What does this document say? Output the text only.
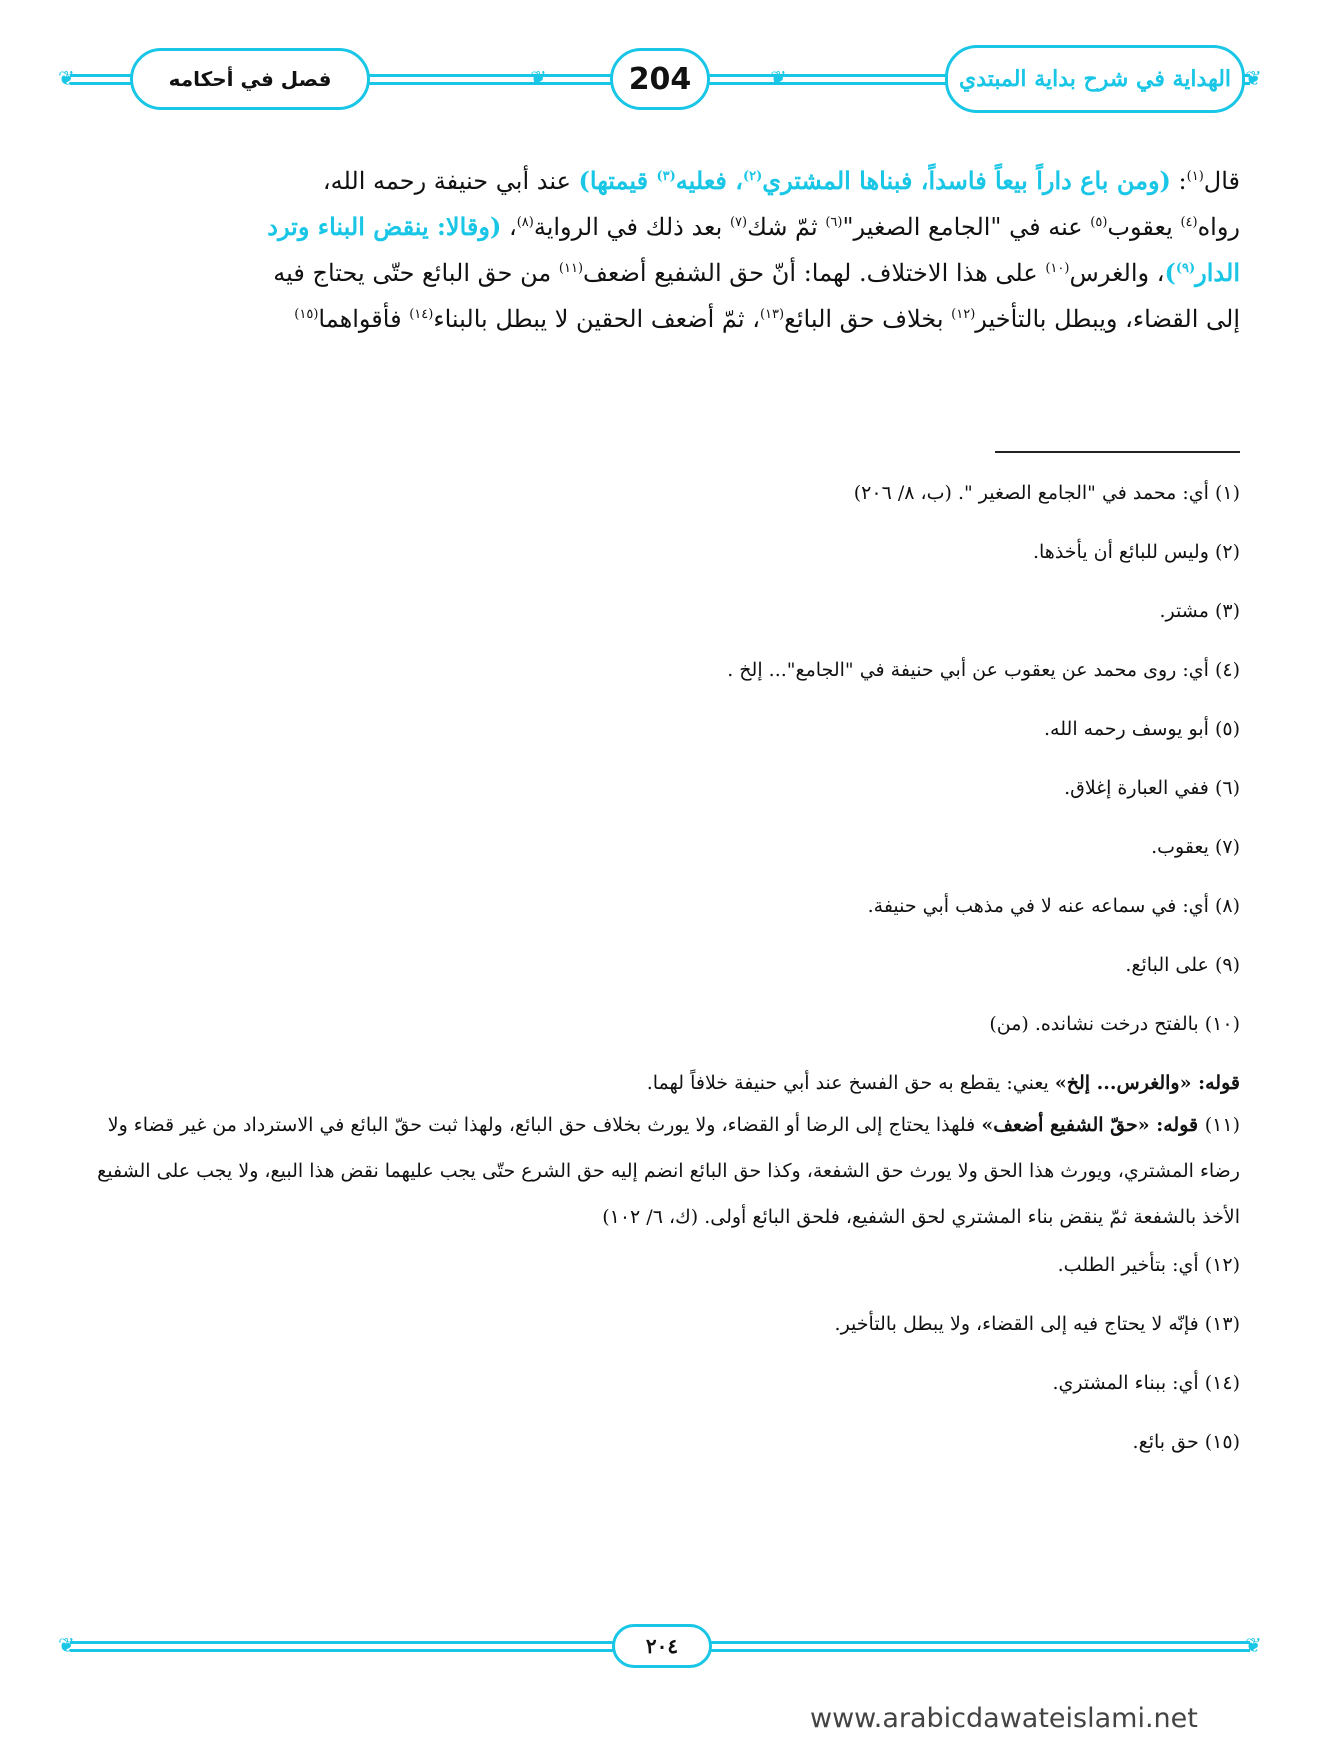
❦	❦
❦	❦
فصل في أحكامه	204	الهداية في شرح بداية المبتدي

قال$^{(١)}$: (ومن باع داراً بيعاً فاسداً، فبناها المشتري$^{(٢)}$، فعليه$^{(٣)}$ قيمتها) عند أبي حنيفة رحمه الله،

رواه$^{(٤)}$ يعقوب$^{(٥)}$ عنه في "الجامع الصغير"$^{(٦)}$ ثمّ شك$^{(٧)}$ بعد ذلك في الرواية$^{(٨)}$، (وقالا: ينقض البناء وترد

الدار$^{(٩)}$)، والغرس$^{(١٠)}$ على هذا الاختلاف. لهما: أنّ حق الشفيع أضعف$^{(١١)}$ من حق البائع حتّى يحتاج فيه

إلى القضاء، ويبطل بالتأخير$^{(١٢)}$ بخلاف حق البائع$^{(١٣)}$، ثمّ أضعف الحقين لا يبطل بالبناء$^{(١٤)}$ فأقواهما$^{(١٥)}$

(١) أي: محمد في "الجامع الصغير ". (ب، ٨/ ٢٠٦)
(٢) وليس للبائع أن يأخذها.
(٣) مشتر.
(٤) أي: روى محمد عن يعقوب عن أبي حنيفة في "الجامع"... إلخ .
(٥) أبو يوسف رحمه الله.
(٦) ففي العبارة إغلاق.
(٧) يعقوب.
(٨) أي: في سماعه عنه لا في مذهب أبي حنيفة.
(٩) على البائع.
(١٠) بالفتح درخت نشانده. (من)
قوله: «والغرس... إلخ» يعني: يقطع به حق الفسخ عند أبي حنيفة خلافاً لهما.
(١١) قوله: «حقّ الشفيع أضعف» فلهذا يحتاج إلى الرضا أو القضاء، ولا يورث بخلاف حق البائع، ولهذا ثبت حقّ البائع في الاسترداد من غير قضاء ولا رضاء المشتري، ويورث هذا الحق ولا يورث حق الشفعة، وكذا حق البائع انضم إليه حق الشرع حتّى يجب عليهما نقض هذا البيع، ولا يجب على الشفيع الأخذ بالشفعة ثمّ ينقض بناء المشتري لحق الشفيع، فلحق البائع أولى. (ك، ٦/ ١٠٢)
(١٢) أي: بتأخير الطلب.
(١٣) فإنّه لا يحتاج فيه إلى القضاء، ولا يبطل بالتأخير.
(١٤) أي: ببناء المشتري.
(١٥) حق بائع.
❦	❦
٢٠٤
www.arabicdawateislami.net
